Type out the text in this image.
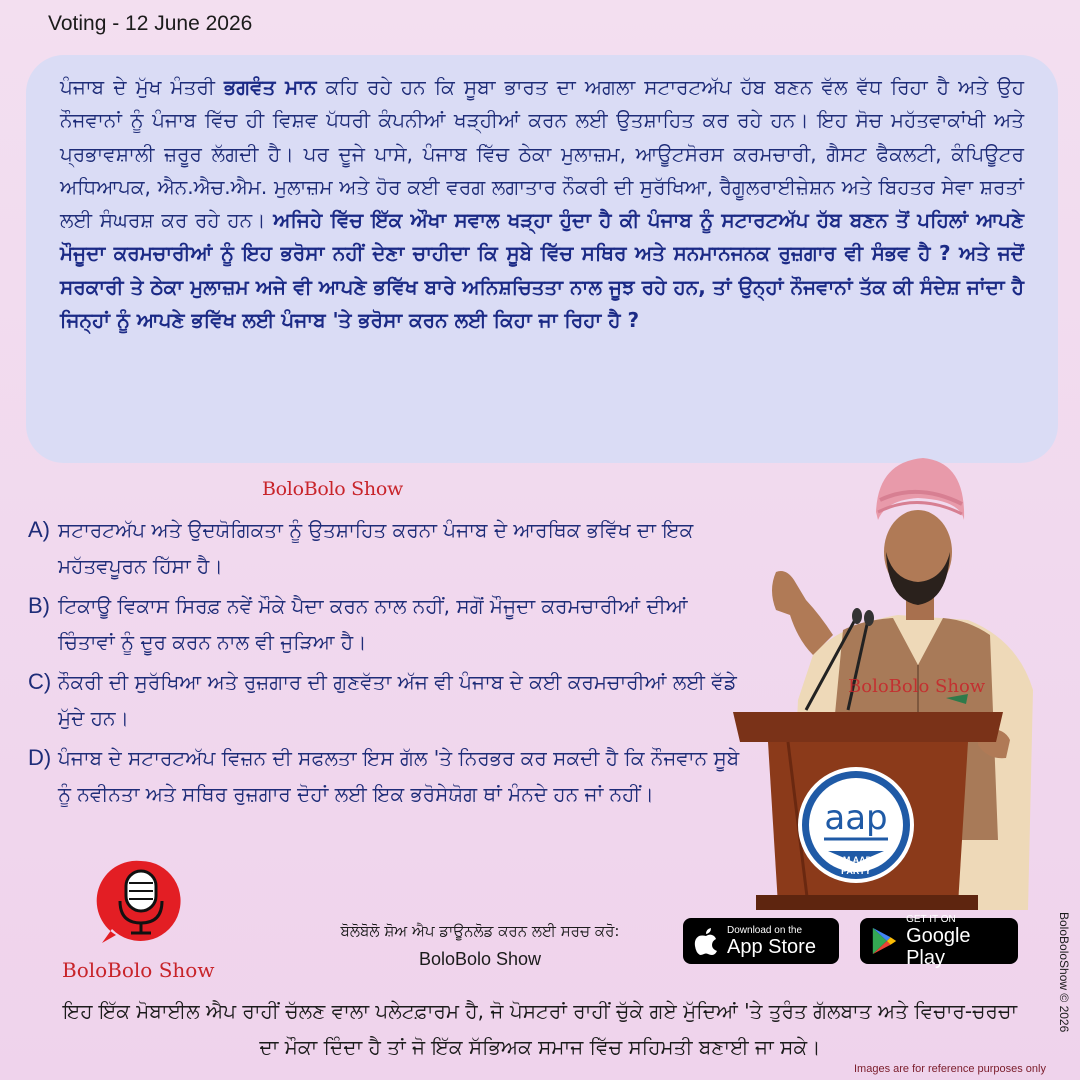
Voting - 12 June 2026

ਪੰਜਾਬ ਦੇ ਮੁੱਖ ਮੰਤਰੀ ਭਗਵੰਤ ਮਾਨ ਕਹਿ ਰਹੇ ਹਨ ਕਿ ਸੂਬਾ ਭਾਰਤ ਦਾ ਅਗਲਾ ਸਟਾਰਟਅੱਪ ਹੱਬ ਬਣਨ ਵੱਲ ਵੱਧ ਰਿਹਾ ਹੈ ਅਤੇ ਉਹ ਨੌਜਵਾਨਾਂ ਨੂੰ ਪੰਜਾਬ ਵਿੱਚ ਹੀ ਵਿਸ਼ਵ ਪੱਧਰੀ ਕੰਪਨੀਆਂ ਖੜ੍ਹੀਆਂ ਕਰਨ ਲਈ ਉਤਸ਼ਾਹਿਤ ਕਰ ਰਹੇ ਹਨ। ਇਹ ਸੋਚ ਮਹੱਤਵਾਕਾਂਖੀ ਅਤੇ ਪ੍ਰਭਾਵਸ਼ਾਲੀ ਜ਼ਰੂਰ ਲੱਗਦੀ ਹੈ। ਪਰ ਦੂਜੇ ਪਾਸੇ, ਪੰਜਾਬ ਵਿੱਚ ਠੇਕਾ ਮੁਲਾਜ਼ਮ, ਆਊਟਸੋਰਸ ਕਰਮਚਾਰੀ, ਗੈਸਟ ਫੈਕਲਟੀ, ਕੰਪਿਊਟਰ ਅਧਿਆਪਕ, ਐਨ.ਐਚ.ਐਮ. ਮੁਲਾਜ਼ਮ ਅਤੇ ਹੋਰ ਕਈ ਵਰਗ ਲਗਾਤਾਰ ਨੌਕਰੀ ਦੀ ਸੁਰੱਖਿਆ, ਰੈਗੂਲਰਾਈਜ਼ੇਸ਼ਨ ਅਤੇ ਬਿਹਤਰ ਸੇਵਾ ਸ਼ਰਤਾਂ ਲਈ ਸੰਘਰਸ਼ ਕਰ ਰਹੇ ਹਨ। ਅਜਿਹੇ ਵਿੱਚ ਇੱਕ ਔਖਾ ਸਵਾਲ ਖੜ੍ਹਾ ਹੁੰਦਾ ਹੈ ਕੀ ਪੰਜਾਬ ਨੂੰ ਸਟਾਰਟਅੱਪ ਹੱਬ ਬਣਨ ਤੋਂ ਪਹਿਲਾਂ ਆਪਣੇ ਮੌਜੂਦਾ ਕਰਮਚਾਰੀਆਂ ਨੂੰ ਇਹ ਭਰੋਸਾ ਨਹੀਂ ਦੇਣਾ ਚਾਹੀਦਾ ਕਿ ਸੂਬੇ ਵਿੱਚ ਸਥਿਰ ਅਤੇ ਸਨਮਾਨਜਨਕ ਰੁਜ਼ਗਾਰ ਵੀ ਸੰਭਵ ਹੈ ? ਅਤੇ ਜਦੋਂ ਸਰਕਾਰੀ ਤੇ ਠੇਕਾ ਮੁਲਾਜ਼ਮ ਅਜੇ ਵੀ ਆਪਣੇ ਭਵਿੱਖ ਬਾਰੇ ਅਨਿਸ਼ਚਿਤਤਾ ਨਾਲ ਜੂਝ ਰਹੇ ਹਨ, ਤਾਂ ਉਨ੍ਹਾਂ ਨੌਜਵਾਨਾਂ ਤੱਕ ਕੀ ਸੰਦੇਸ਼ ਜਾਂਦਾ ਹੈ ਜਿਨ੍ਹਾਂ ਨੂੰ ਆਪਣੇ ਭਵਿੱਖ ਲਈ ਪੰਜਾਬ 'ਤੇ ਭਰੋਸਾ ਕਰਨ ਲਈ ਕਿਹਾ ਜਾ ਰਿਹਾ ਹੈ ?

BoloBolo Show
A) ਸਟਾਰਟਅੱਪ ਅਤੇ ਉਦਯੋਗਿਕਤਾ ਨੂੰ ਉਤਸ਼ਾਹਿਤ ਕਰਨਾ ਪੰਜਾਬ ਦੇ ਆਰਥਿਕ ਭਵਿੱਖ ਦਾ ਇਕ ਮਹੱਤਵਪੂਰਨ ਹਿੱਸਾ ਹੈ।
B) ਟਿਕਾਊ ਵਿਕਾਸ ਸਿਰਫ਼ ਨਵੇਂ ਮੌਕੇ ਪੈਦਾ ਕਰਨ ਨਾਲ ਨਹੀਂ, ਸਗੋਂ ਮੌਜੂਦਾ ਕਰਮਚਾਰੀਆਂ ਦੀਆਂ ਚਿੰਤਾਵਾਂ ਨੂੰ ਦੂਰ ਕਰਨ ਨਾਲ ਵੀ ਜੁੜਿਆ ਹੈ।
C) ਨੌਕਰੀ ਦੀ ਸੁਰੱਖਿਆ ਅਤੇ ਰੁਜ਼ਗਾਰ ਦੀ ਗੁਣਵੱਤਾ ਅੱਜ ਵੀ ਪੰਜਾਬ ਦੇ ਕਈ ਕਰਮਚਾਰੀਆਂ ਲਈ ਵੱਡੇ ਮੁੱਦੇ ਹਨ।
D) ਪੰਜਾਬ ਦੇ ਸਟਾਰਟਅੱਪ ਵਿਜ਼ਨ ਦੀ ਸਫਲਤਾ ਇਸ ਗੱਲ 'ਤੇ ਨਿਰਭਰ ਕਰ ਸਕਦੀ ਹੈ ਕਿ ਨੌਜਵਾਨ ਸੂਬੇ ਨੂੰ ਨਵੀਨਤਾ ਅਤੇ ਸਥਿਰ ਰੁਜ਼ਗਾਰ ਦੋਹਾਂ ਲਈ ਇਕ ਭਰੋਸੇਯੋਗ ਥਾਂ ਮੰਨਦੇ ਹਨ ਜਾਂ ਨਹੀਂ।
aap
AAM AADMI
PARTY
BoloBolo Show
BoloBolo Show
ਬੋਲੋਬੋਲੋ ਸ਼ੋਅ ਐਪ ਡਾਊਨਲੋਡ ਕਰਨ ਲਈ ਸਰਚ ਕਰੋ:
BoloBolo Show
Download on the
App Store
GET IT ON
Google Play
ਇਹ ਇੱਕ ਮੋਬਾਈਲ ਐਪ ਰਾਹੀਂ ਚੱਲਣ ਵਾਲਾ ਪਲੇਟਫ਼ਾਰਮ ਹੈ, ਜੋ ਪੋਸਟਰਾਂ ਰਾਹੀਂ ਚੁੱਕੇ ਗਏ ਮੁੱਦਿਆਂ 'ਤੇ ਤੁਰੰਤ ਗੱਲਬਾਤ ਅਤੇ ਵਿਚਾਰ-ਚਰਚਾ ਦਾ ਮੌਕਾ ਦਿੰਦਾ ਹੈ ਤਾਂ ਜੋ ਇੱਕ ਸੱਭਿਅਕ ਸਮਾਜ ਵਿੱਚ ਸਹਿਮਤੀ ਬਣਾਈ ਜਾ ਸਕੇ।
BoloBoloShow © 2026
Images are for reference purposes only
